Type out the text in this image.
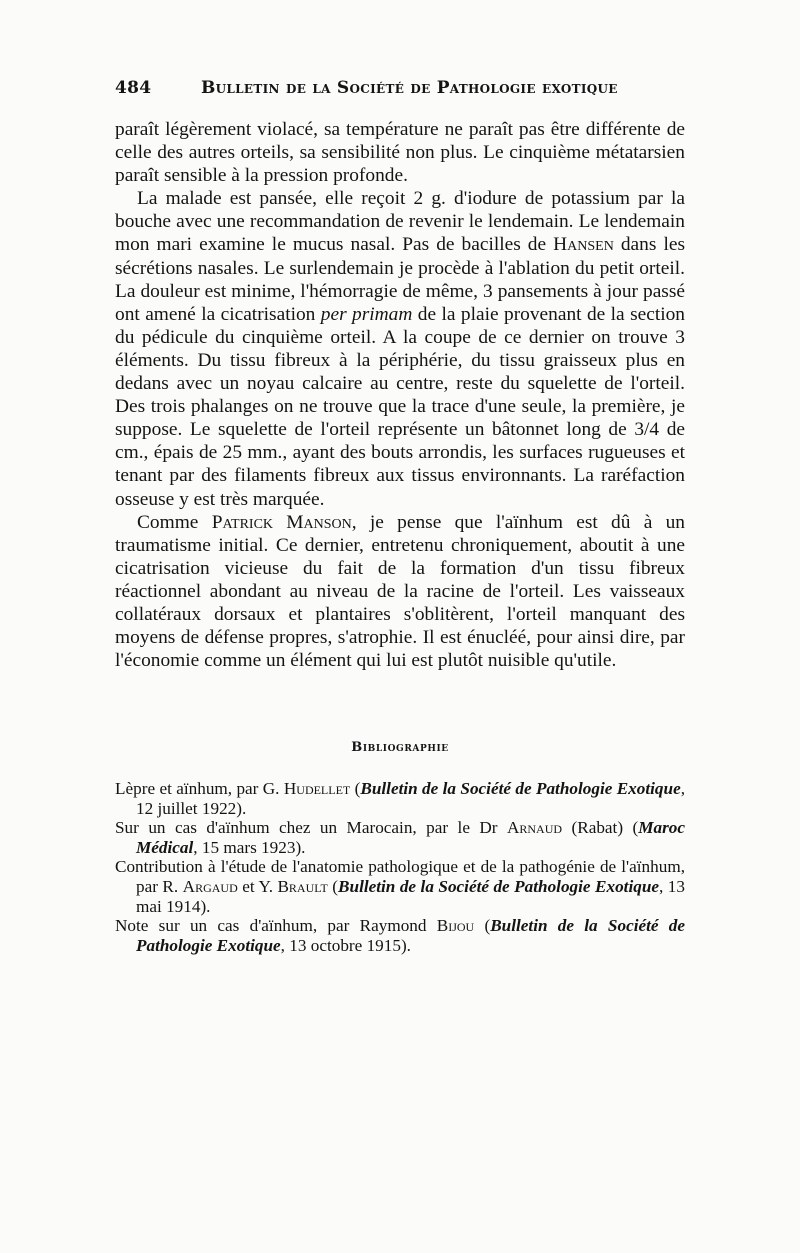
484	Bulletin de la Société de Pathologie exotique

paraît légèrement violacé, sa température ne paraît pas être différente de celle des autres orteils, sa sensibilité non plus. Le cinquième métatarsien paraît sensible à la pression profonde.

La malade est pansée, elle reçoit 2 g. d'iodure de potassium par la bouche avec une recommandation de revenir le lendemain. Le lendemain mon mari examine le mucus nasal. Pas de bacilles de Hansen dans les sécrétions nasales. Le surlendemain je procède à l'ablation du petit orteil. La douleur est minime, l'hémorragie de même, 3 pansements à jour passé ont amené la cicatrisation per primam de la plaie provenant de la section du pédicule du cinquième orteil. A la coupe de ce dernier on trouve 3 éléments. Du tissu fibreux à la périphérie, du tissu graisseux plus en dedans avec un noyau calcaire au centre, reste du squelette de l'orteil. Des trois phalanges on ne trouve que la trace d'une seule, la première, je suppose. Le squelette de l'orteil représente un bâtonnet long de 3/4 de cm., épais de 25 mm., ayant des bouts arrondis, les surfaces rugueuses et tenant par des filaments fibreux aux tissus environnants. La raréfaction osseuse y est très marquée.

Comme Patrick Manson, je pense que l'aïnhum est dû à un traumatisme initial. Ce dernier, entretenu chroniquement, aboutit à une cicatrisation vicieuse du fait de la formation d'un tissu fibreux réactionnel abondant au niveau de la racine de l'orteil. Les vaisseaux collatéraux dorsaux et plantaires s'oblitèrent, l'orteil manquant des moyens de défense propres, s'atrophie. Il est énucléé, pour ainsi dire, par l'économie comme un élément qui lui est plutôt nuisible qu'utile.

Bibliographie
Lèpre et aïnhum, par G. Hudellet (Bulletin de la Société de Pathologie Exotique, 12 juillet 1922).
Sur un cas d'aïnhum chez un Marocain, par le Dr Arnaud (Rabat) (Maroc Médical, 15 mars 1923).
Contribution à l'étude de l'anatomie pathologique et de la pathogénie de l'aïnhum, par R. Argaud et Y. Brault (Bulletin de la Société de Pathologie Exotique, 13 mai 1914).
Note sur un cas d'aïnhum, par Raymond Bijou (Bulletin de la Société de Pathologie Exotique, 13 octobre 1915).
